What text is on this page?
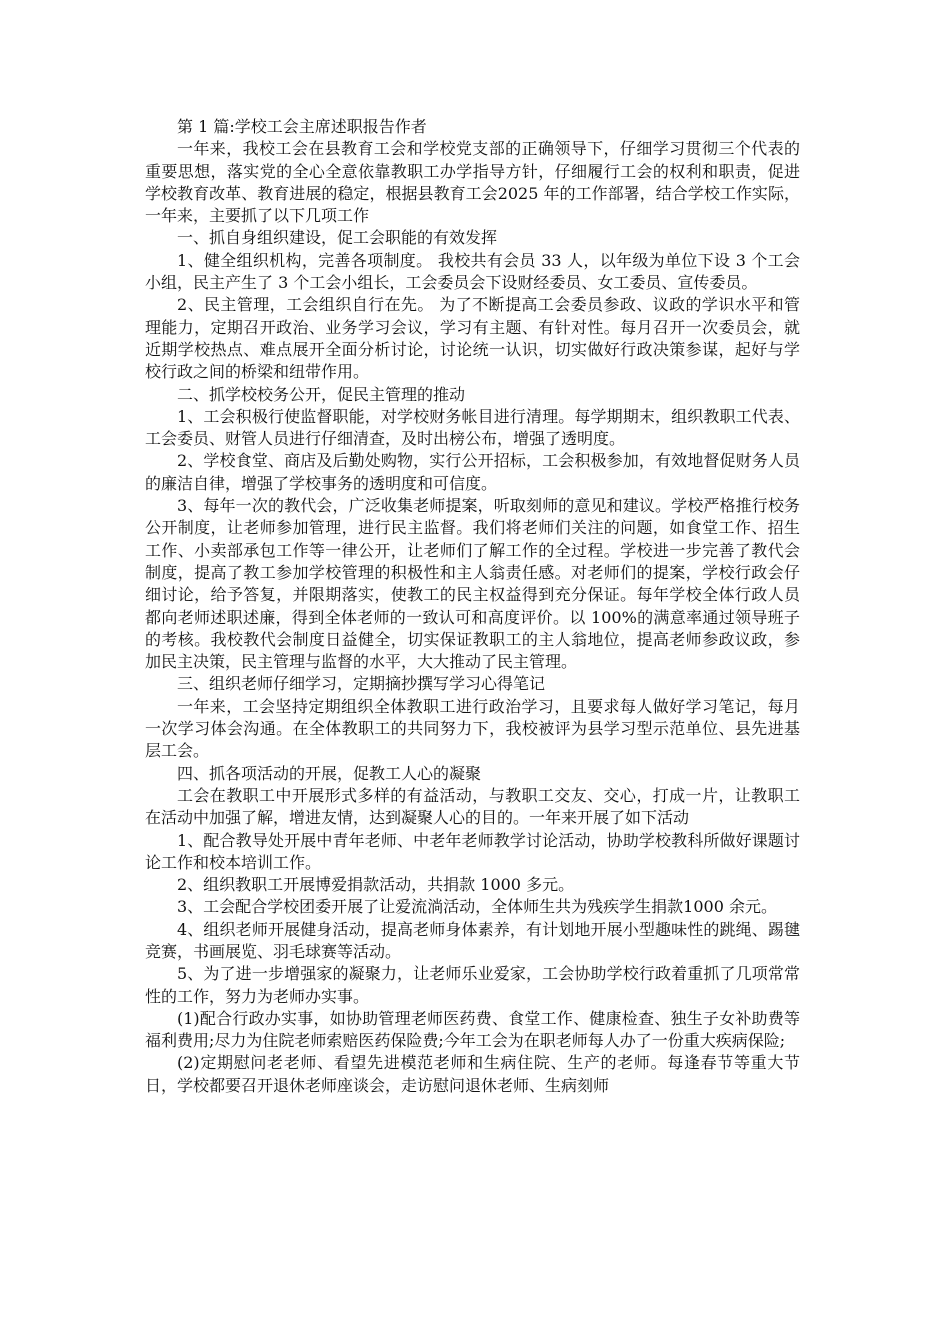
第 1 篇:学校工会主席述职报告作者

一年来，我校工会在县教育工会和学校党支部的正确领导下，仔细学习贯彻三个代表的重要思想，落实党的全心全意依靠教职工办学指导方针，仔细履行工会的权利和职责，促进学校教育改革、教育进展的稳定，根据县教育工会2025 年的工作部署，结合学校工作实际，一年来，主要抓了以下几项工作

一、抓自身组织建设，促工会职能的有效发挥

1、健全组织机构，完善各项制度。 我校共有会员 33 人，以年级为单位下设 3 个工会小组，民主产生了 3 个工会小组长，工会委员会下设财经委员、女工委员、宣传委员。

2、民主管理，工会组织自行在先。 为了不断提高工会委员参政、议政的学识水平和管理能力，定期召开政治、业务学习会议，学习有主题、有针对性。每月召开一次委员会，就近期学校热点、难点展开全面分析讨论，讨论统一认识，切实做好行政决策参谋，起好与学校行政之间的桥梁和纽带作用。

二、抓学校校务公开，促民主管理的推动

1、工会积极行使监督职能，对学校财务帐目进行清理。每学期期末，组织教职工代表、工会委员、财管人员进行仔细清查，及时出榜公布，增强了透明度。

2、学校食堂、商店及后勤处购物，实行公开招标，工会积极参加，有效地督促财务人员的廉洁自律，增强了学校事务的透明度和可信度。

3、每年一次的教代会，广泛收集老师提案，听取刻师的意见和建议。学校严格推行校务公开制度，让老师参加管理，进行民主监督。我们将老师们关注的问题，如食堂工作、招生工作、小卖部承包工作等一律公开，让老师们了解工作的全过程。学校进一步完善了教代会制度，提高了教工参加学校管理的积极性和主人翁责任感。对老师们的提案，学校行政会仔细讨论，给予答复，并限期落实，使教工的民主权益得到充分保证。每年学校全体行政人员都向老师述职述廉，得到全体老师的一致认可和高度评价。以 100%的满意率通过领导班子的考核。我校教代会制度日益健全，切实保证教职工的主人翁地位，提高老师参政议政，参加民主决策，民主管理与监督的水平，大大推动了民主管理。

三、组织老师仔细学习，定期摘抄撰写学习心得笔记

一年来，工会坚持定期组织全体教职工进行政治学习，且要求每人做好学习笔记，每月一次学习体会沟通。在全体教职工的共同努力下，我校被评为县学习型示范单位、县先进基层工会。

四、抓各项活动的开展，促教工人心的凝聚

工会在教职工中开展形式多样的有益活动，与教职工交友、交心，打成一片，让教职工在活动中加强了解，增进友情，达到凝聚人心的目的。一年来开展了如下活动

1、配合教导处开展中青年老师、中老年老师教学讨论活动，协助学校教科所做好课题讨论工作和校本培训工作。

2、组织教职工开展博爱捐款活动，共捐款 1000 多元。

3、工会配合学校团委开展了让爱流淌活动，全体师生共为残疾学生捐款1000 余元。

4、组织老师开展健身活动，提高老师身体素养，有计划地开展小型趣味性的跳绳、踢毽竞赛，书画展览、羽毛球赛等活动。

5、为了进一步增强家的凝聚力，让老师乐业爱家，工会协助学校行政着重抓了几项常常性的工作，努力为老师办实事。

(1)配合行政办实事，如协助管理老师医药费、食堂工作、健康检查、独生子女补助费等福利费用;尽力为住院老师索赔医药保险费;今年工会为在职老师每人办了一份重大疾病保险;

(2)定期慰问老老师、看望先进模范老师和生病住院、生产的老师。每逢春节等重大节日，学校都要召开退休老师座谈会，走访慰问退休老师、生病刻师
